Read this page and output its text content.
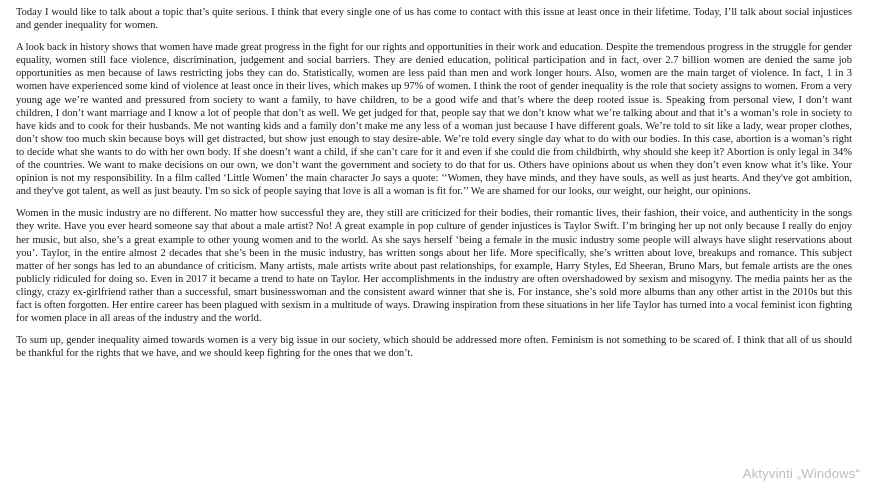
Today I would like to talk about a topic that’s quite serious. I think that every single one of us has come to contact with this issue at least once in their lifetime. Today, I’ll talk about social injustices and gender inequality for women.

A look back in history shows that women have made great progress in the fight for our rights and opportunities in their work and education. Despite the tremendous progress in the struggle for gender equality, women still face violence, discrimination, judgement and social barriers. They are denied education, political participation and in fact, over 2.7 billion women are denied the same job opportunities as men because of laws restricting jobs they can do. Statistically, women are less paid than men and work longer hours. Also, women are the main target of violence. In fact, 1 in 3 women have experienced some kind of violence at least once in their lives, which makes up 97% of women. I think the root of gender inequality is the role that society assigns to women. From a very young age we’re wanted and pressured from society to want a family, to have children, to be a good wife and that’s where the deep rooted issue is. Speaking from personal view, I don’t want children, I don’t want marriage and I know a lot of people that don’t as well. We get judged for that, people say that we don’t know what we’re talking about and that it’s a woman’s role in society to have kids and to cook for their husbands. Me not wanting kids and a family don’t make me any less of a woman just because I have different goals. We’re told to sit like a lady, wear proper clothes, don’t show too much skin because boys will get distracted, but show just enough to stay desire-able. We’re told every single day what to do with our bodies. In this case, abortion is a woman’s right to decide what she wants to do with her own body. If she doesn’t want a child, if she can’t care for it and even if she could die from childbirth, why should she keep it? Abortion is only legal in 34% of the countries. We want to make decisions on our own, we don’t want the government and society to do that for us. Others have opinions about us when they don’t even know what it’s like. Your opinion is not my responsibility. In a film called ‘Little Women’ the main character Jo says a quote: ‘‘Women, they have minds, and they have souls, as well as just hearts. And they've got ambition, and they've got talent, as well as just beauty. I'm so sick of people saying that love is all a woman is fit for.’’ We are shamed for our looks, our weight, our height, our opinions.

Women in the music industry are no different. No matter how successful they are, they still are criticized for their bodies, their romantic lives, their fashion, their voice, and authenticity in the songs they write. Have you ever heard someone say that about a male artist? No! A great example in pop culture of gender injustices is Taylor Swift. I’m bringing her up not only because I really do enjoy her music, but also, she’s a great example to other young women and to the world. As she says herself ‘being a female in the music industry some people will always have slight reservations about you’. Taylor, in the entire almost 2 decades that she’s been in the music industry, has written songs about her life. More specifically, she’s written about love, breakups and romance. This subject matter of her songs has led to an abundance of criticism. Many artists, male artists write about past relationships, for example, Harry Styles, Ed Sheeran, Bruno Mars, but female artists are the ones publicly ridiculed for doing so. Even in 2017 it became a trend to hate on Taylor. Her accomplishments in the industry are often overshadowed by sexism and misogyny. The media paints her as the clingy, crazy ex-girlfriend rather than a successful, smart businesswoman and the consistent award winner that she is. For instance, she’s sold more albums than any other artist in the 2010s but this fact is often forgotten. Her entire career has been plagued with sexism in a multitude of ways. Drawing inspiration from these situations in her life Taylor has turned into a vocal feminist icon fighting for women place in all areas of the industry and the world.

To sum up, gender inequality aimed towards women is a very big issue in our society, which should be addressed more often. Feminism is not something to be scared of. I think that all of us should be thankful for the rights that we have, and we should keep fighting for the ones that we don’t.

Aktyvinti „Windows“
